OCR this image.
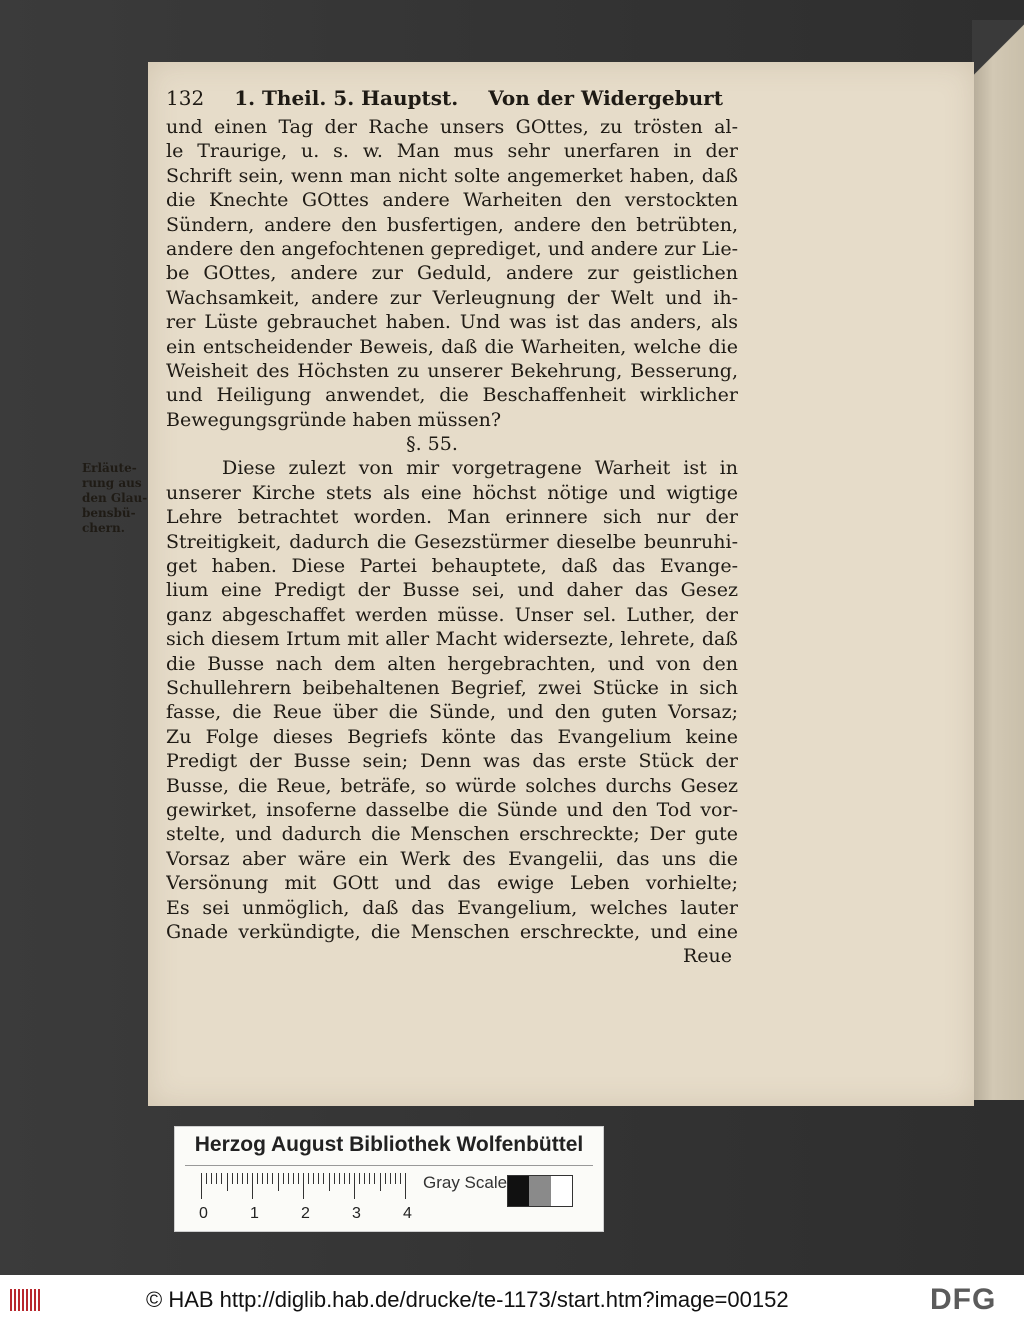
132 1. Theil. 5. Hauptst. Von der Widergeburt
Erläute-
rung aus
den Glau-
bensbü-
chern.
und einen Tag der Rache unsers GOttes, zu trösten al-
le Traurige, u. s. w. Man mus sehr unerfaren in der
Schrift sein, wenn man nicht solte angemerket haben, daß
die Knechte GOttes andere Warheiten den verstockten
Sündern, andere den busfertigen, andere den betrübten,
andere den angefochtenen geprediget, und andere zur Lie-
be GOttes, andere zur Geduld, andere zur geistlichen
Wachsamkeit, andere zur Verleugnung der Welt und ih-
rer Lüste gebrauchet haben. Und was ist das anders, als
ein entscheidender Beweis, daß die Warheiten, welche die
Weisheit des Höchsten zu unserer Bekehrung, Besserung,
und Heiligung anwendet, die Beschaffenheit wirklicher
Bewegungsgründe haben müssen?
§. 55.
Diese zulezt von mir vorgetragene Warheit ist in
unserer Kirche stets als eine höchst nötige und wigtige
Lehre betrachtet worden. Man erinnere sich nur der
Streitigkeit, dadurch die Gesezstürmer dieselbe beunruhi-
get haben. Diese Partei behauptete, daß das Evange-
lium eine Predigt der Busse sei, und daher das Gesez
ganz abgeschaffet werden müsse. Unser sel. Luther, der
sich diesem Irtum mit aller Macht widersezte, lehrete, daß
die Busse nach dem alten hergebrachten, und von den
Schullehrern beibehaltenen Begrief, zwei Stücke in sich
fasse, die Reue über die Sünde, und den guten Vorsaz;
Zu Folge dieses Begriefs könte das Evangelium keine
Predigt der Busse sein; Denn was das erste Stück der
Busse, die Reue, beträfe, so würde solches durchs Gesez
gewirket, insoferne dasselbe die Sünde und den Tod vor-
stelte, und dadurch die Menschen erschreckte; Der gute
Vorsaz aber wäre ein Werk des Evangelii, das uns die
Versönung mit GOtt und das ewige Leben vorhielte;
Es sei unmöglich, daß das Evangelium, welches lauter
Gnade verkündigte, die Menschen erschreckte, und eine
Reue
Herzog August Bibliothek Wolfenbüttel
0	1	2	3	4
Gray Scale
© HAB http://diglib.hab.de/drucke/te-1173/start.htm?image=00152	DFG
